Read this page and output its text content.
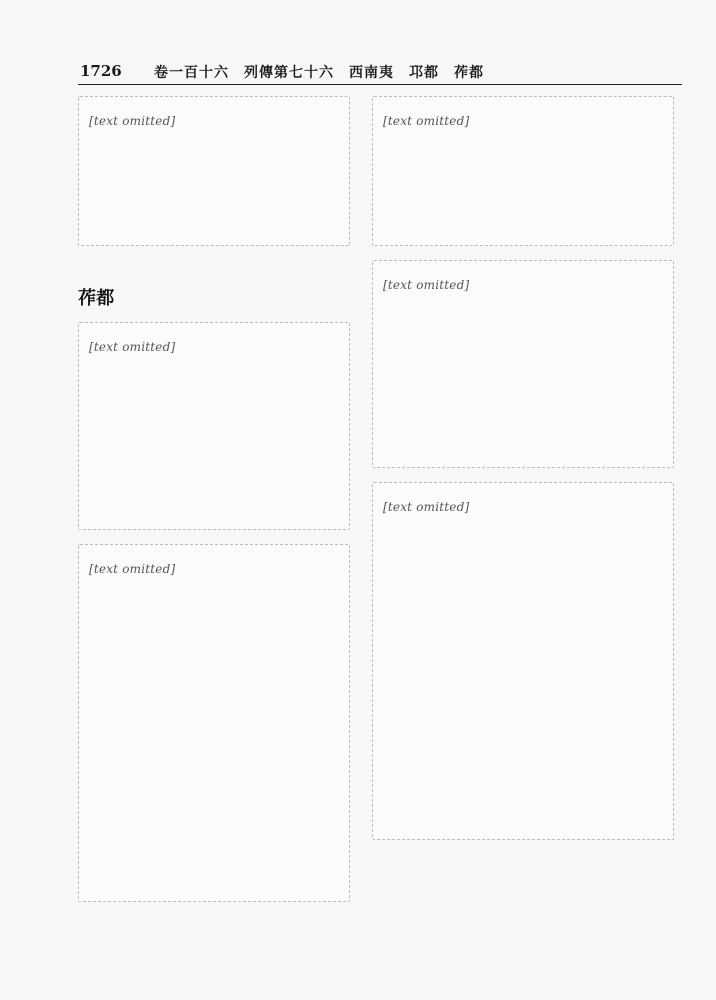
1726 卷一百十六　列傳第七十六　西南夷　邛都　莋都
[text omitted]
莋都
[text omitted]
[text omitted]
[text omitted]
[text omitted]
[text omitted]
